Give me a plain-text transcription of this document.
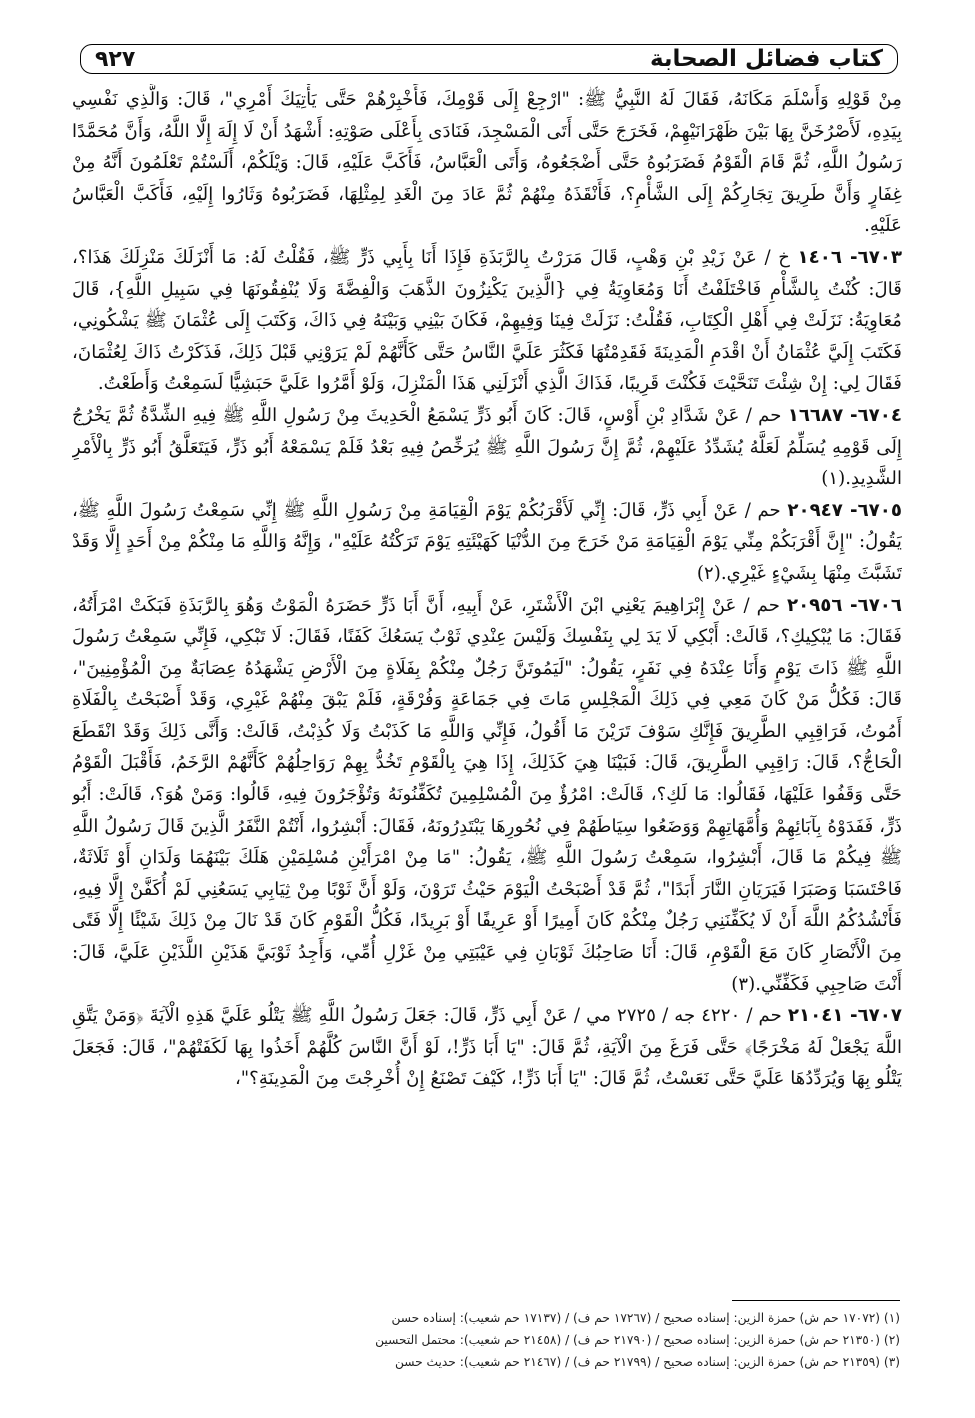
كتاب فضائل الصحابة
٩٢٧

مِنْ قَوْلِهِ وَأَسْلَمَ مَكَانَهُ، فَقَالَ لَهُ النَّبِيُّ ﷺ: "ارْجِعْ إِلَى قَوْمِكَ، فَأَخْبِرْهُمْ حَتَّى يَأْتِيَكَ أَمْرِي"، قَالَ: وَالَّذِي نَفْسِي بِيَدِهِ، لَأَصْرُخَنَّ بِهَا بَيْنَ ظَهْرَانَيْهِمْ، فَخَرَجَ حَتَّى أَتَى الْمَسْجِدَ، فَنَادَى بِأَعْلَى صَوْتِهِ: أَشْهَدُ أَنْ لَا إِلَهَ إِلَّا اللَّهُ، وَأَنَّ مُحَمَّدًا رَسُولُ اللَّهِ، ثُمَّ قَامَ الْقَوْمُ فَضَرَبُوهُ حَتَّى أَضْجَعُوهُ، وَأَتَى الْعَبَّاسُ، فَأَكَبَّ عَلَيْهِ، قَالَ: وَيْلَكُمْ، أَلَسْتُمْ تَعْلَمُونَ أَنَّهُ مِنْ غِفَارٍ وَأَنَّ طَرِيقَ تِجَارِكُمْ إِلَى الشَّأْمِ؟، فَأَنْقَذَهُ مِنْهُمْ ثُمَّ عَادَ مِنَ الْغَدِ لِمِثْلِهَا، فَضَرَبُوهُ وَثَارُوا إِلَيْهِ، فَأَكَبَّ الْعَبَّاسُ عَلَيْهِ.

٦٧٠٣- ١٤٠٦ خ / عَنْ زَيْدِ بْنِ وَهْبٍ، قَالَ مَرَرْتُ بِالرَّبَذَةِ فَإِذَا أَنَا بِأَبِي ذَرٍّ ﷺ، فَقُلْتُ لَهُ: مَا أَنْزَلَكَ مَنْزِلَكَ هَذَا؟، قَالَ: كُنْتُ بِالشَّأْمِ فَاخْتَلَفْتُ أَنَا وَمُعَاوِيَةُ فِي {الَّذِينَ يَكْنِزُونَ الذَّهَبَ وَالْفِضَّةَ وَلَا يُنْفِقُونَهَا فِي سَبِيلِ اللَّهِ}، قَالَ مُعَاوِيَةُ: نَزَلَتْ فِي أَهْلِ الْكِتَابِ، فَقُلْتُ: نَزَلَتْ فِينَا وَفِيهِمْ، فَكَانَ بَيْنِي وَبَيْنَهُ فِي ذَاكَ، وَكَتَبَ إِلَى عُثْمَانَ ﷺ يَشْكُونِي، فَكَتَبَ إِلَيَّ عُثْمَانُ أَنْ اقْدَمِ الْمَدِينَةَ فَقَدِمْتُهَا فَكَثُرَ عَلَيَّ النَّاسُ حَتَّى كَأَنَّهُمْ لَمْ يَرَوْنِي قَبْلَ ذَلِكَ، فَذَكَرْتُ ذَاكَ لِعُثْمَانَ، فَقَالَ لِي: إِنْ شِئْتَ تَنَحَّيْتَ فَكُنْتَ قَرِيبًا، فَذَاكَ الَّذِي أَنْزَلَنِي هَذَا الْمَنْزِلَ، وَلَوْ أَمَّرُوا عَلَيَّ حَبَشِيًّا لَسَمِعْتُ وَأَطَعْتُ.

٦٧٠٤- ١٦٦٨٧ حم / عَنْ شَدَّادِ بْنِ أَوْسٍ، قَالَ: كَانَ أَبُو ذَرٍّ يَسْمَعُ الْحَدِيثَ مِنْ رَسُولِ اللَّهِ ﷺ فِيهِ الشِّدَّةُ ثُمَّ يَخْرُجُ إِلَى قَوْمِهِ يُسَلِّمُ لَعَلَّهُ يُشَدِّدُ عَلَيْهِمْ، ثُمَّ إِنَّ رَسُولَ اللَّهِ ﷺ يُرَخِّصُ فِيهِ بَعْدُ فَلَمْ يَسْمَعْهُ أَبُو ذَرٍّ، فَيَتَعَلَّقُ أَبُو ذَرٍّ بِالْأَمْرِ الشَّدِيدِ.(١)

٦٧٠٥- ٢٠٩٤٧ حم / عَنْ أَبِي ذَرٍّ، قَالَ: إِنِّي لَأَقْرَبُكُمْ يَوْمَ الْقِيَامَةِ مِنْ رَسُولِ اللَّهِ ﷺ إِنِّي سَمِعْتُ رَسُولَ اللَّهِ ﷺ، يَقُولُ: "إِنَّ أَقْرَبَكُمْ مِنِّي يَوْمَ الْقِيَامَةِ مَنْ خَرَجَ مِنَ الدُّنْيَا كَهَيْئَتِهِ يَوْمَ تَرَكْتُهُ عَلَيْهِ"، وَإِنَّهُ وَاللَّهِ مَا مِنْكُمْ مِنْ أَحَدٍ إِلَّا وَقَدْ تَشَبَّثَ مِنْهَا بِشَيْءٍ غَيْرِي.(٢)

٦٧٠٦- ٢٠٩٥٦ حم / عَنْ إِبْرَاهِيمَ يَعْنِي ابْنَ الْأَشْتَرِ، عَنْ أَبِيهِ، أَنَّ أَبَا ذَرٍّ حَضَرَهُ الْمَوْتُ وَهُوَ بِالرَّبَذَةِ فَبَكَتْ امْرَأَتُهُ، فَقَالَ: مَا يُبْكِيكِ؟، قَالَتْ: أَبْكِي لَا يَدَ لِي بِنَفْسِكَ وَلَيْسَ عِنْدِي ثَوْبٌ يَسَعُكَ كَفَنًا، فَقَالَ: لَا تَبْكِي، فَإِنِّي سَمِعْتُ رَسُولَ اللَّهِ ﷺ ذَاتَ يَوْمٍ وَأَنَا عِنْدَهُ فِي نَفَرٍ، يَقُولُ: "لَيَمُوتَنَّ رَجُلٌ مِنْكُمْ بِفَلَاةٍ مِنَ الْأَرْضِ يَشْهَدُهُ عِصَابَةٌ مِنَ الْمُؤْمِنِينَ"، قَالَ: فَكُلُّ مَنْ كَانَ مَعِي فِي ذَلِكَ الْمَجْلِسِ مَاتَ فِي جَمَاعَةٍ وَفُرْقَةٍ، فَلَمْ يَبْقَ مِنْهُمْ غَيْرِي، وَقَدْ أَصْبَحْتُ بِالْفَلَاةِ أَمُوتُ، فَرَاقِبِي الطَّرِيقَ فَإِنَّكِ سَوْفَ تَرَيْنَ مَا أَقُولُ، فَإِنِّي وَاللَّهِ مَا كَذَبْتُ وَلَا كُذِبْتُ، قَالَتْ: وَأَنَّى ذَلِكَ وَقَدْ انْقَطَعَ الْحَاجُّ؟، قَالَ: رَاقِبِي الطَّرِيقَ، قَالَ: فَبَيْنَا هِيَ كَذَلِكَ، إِذَا هِيَ بِالْقَوْمِ تَخُدُّ بِهِمْ رَوَاحِلُهُمْ كَأَنَّهُمْ الرَّخَمُ، فَأَقْبَلَ الْقَوْمُ حَتَّى وَقَفُوا عَلَيْهَا، فَقَالُوا: مَا لَكِ؟، قَالَتْ: امْرُؤٌ مِنَ الْمُسْلِمِينَ تُكَفِّنُونَهُ وَتُؤْجَرُونَ فِيهِ، قَالُوا: وَمَنْ هُوَ؟، قَالَتْ: أَبُو ذَرٍّ، فَفَدَوْهُ بِآبَائِهِمْ وَأُمَّهَاتِهِمْ وَوَضَعُوا سِيَاطَهُمْ فِي نُحُورِهَا يَبْتَدِرُونَهُ، فَقَالَ: أَبْشِرُوا، أَنْتُمْ النَّفَرُ الَّذِينَ قَالَ رَسُولُ اللَّهِ ﷺ فِيكُمْ مَا قَالَ، أَبْشِرُوا، سَمِعْتُ رَسُولَ اللَّهِ ﷺ، يَقُولُ: "مَا مِنْ امْرَأَيْنِ مُسْلِمَيْنِ هَلَكَ بَيْنَهُمَا وَلَدَانِ أَوْ ثَلَاثَةٌ، فَاحْتَسَبَا وَصَبَرَا فَيَرَيَانِ النَّارَ أَبَدًا"، ثُمَّ قَدْ أَصْبَحْتُ الْيَوْمَ حَيْثُ تَرَوْنَ، وَلَوْ أَنَّ ثَوْبًا مِنْ ثِيَابِي يَسَعُنِي لَمْ أُكَفَّنْ إِلَّا فِيهِ، فَأَنْشُدُكُمُ اللَّهَ أَنْ لَا يُكَفِّنَنِي رَجُلٌ مِنْكُمْ كَانَ أَمِيرًا أَوْ عَرِيفًا أَوْ بَرِيدًا، فَكُلُّ الْقَوْمِ كَانَ قَدْ نَالَ مِنْ ذَلِكَ شَيْئًا إِلَّا فَتًى مِنَ الْأَنْصَارِ كَانَ مَعَ الْقَوْمِ، قَالَ: أَنَا صَاحِبُكَ ثَوْبَانِ فِي عَيْبَتِي مِنْ غَزْلِ أُمِّي، وَأَجِدُ ثَوْبَيَّ هَذَيْنِ اللَّذَيْنِ عَلَيَّ، قَالَ: أَنْتَ صَاحِبِي فَكَفِّنِّي.(٣)

٦٧٠٧- ٢١٠٤١ حم / ٤٢٢٠ جه / ٢٧٢٥ مي / عَنْ أَبِي ذَرٍّ، قَالَ: جَعَلَ رَسُولُ اللَّهِ ﷺ يَتْلُو عَلَيَّ هَذِهِ الْآيَةَ ﴿وَمَنْ يَتَّقِ اللَّهَ يَجْعَلْ لَهُ مَخْرَجًا﴾ حَتَّى فَرَغَ مِنَ الْآيَةِ، ثُمَّ قَالَ: "يَا أَبَا ذَرٍّ!، لَوْ أَنَّ النَّاسَ كُلَّهُمْ أَخَذُوا بِهَا لَكَفَتْهُمْ"، قَالَ: فَجَعَلَ يَتْلُو بِهَا وَيُرَدِّدُهَا عَلَيَّ حَتَّى نَعَسْتُ، ثُمَّ قَالَ: "يَا أَبَا ذَرٍّ!، كَيْفَ تَصْنَعُ إِنْ أُخْرِجْتَ مِنَ الْمَدِينَةِ؟"،

(١) (١٧٠٧٢ حم ش) حمزة الزين: إسناده صحيح / (١٧٢٦٧ حم ف) / (١٧١٣٧ حم شعيب): إسناده حسن

(٢) (٢١٣٥٠ حم ش) حمزة الزين: إسناده صحيح / (٢١٧٩٠ حم ف) / (٢١٤٥٨ حم شعيب): محتمل التحسين

(٣) (٢١٣٥٩ حم ش) حمزة الزين: إسناده صحيح / (٢١٧٩٩ حم ف) / (٢١٤٦٧ حم شعيب): حديث حسن
